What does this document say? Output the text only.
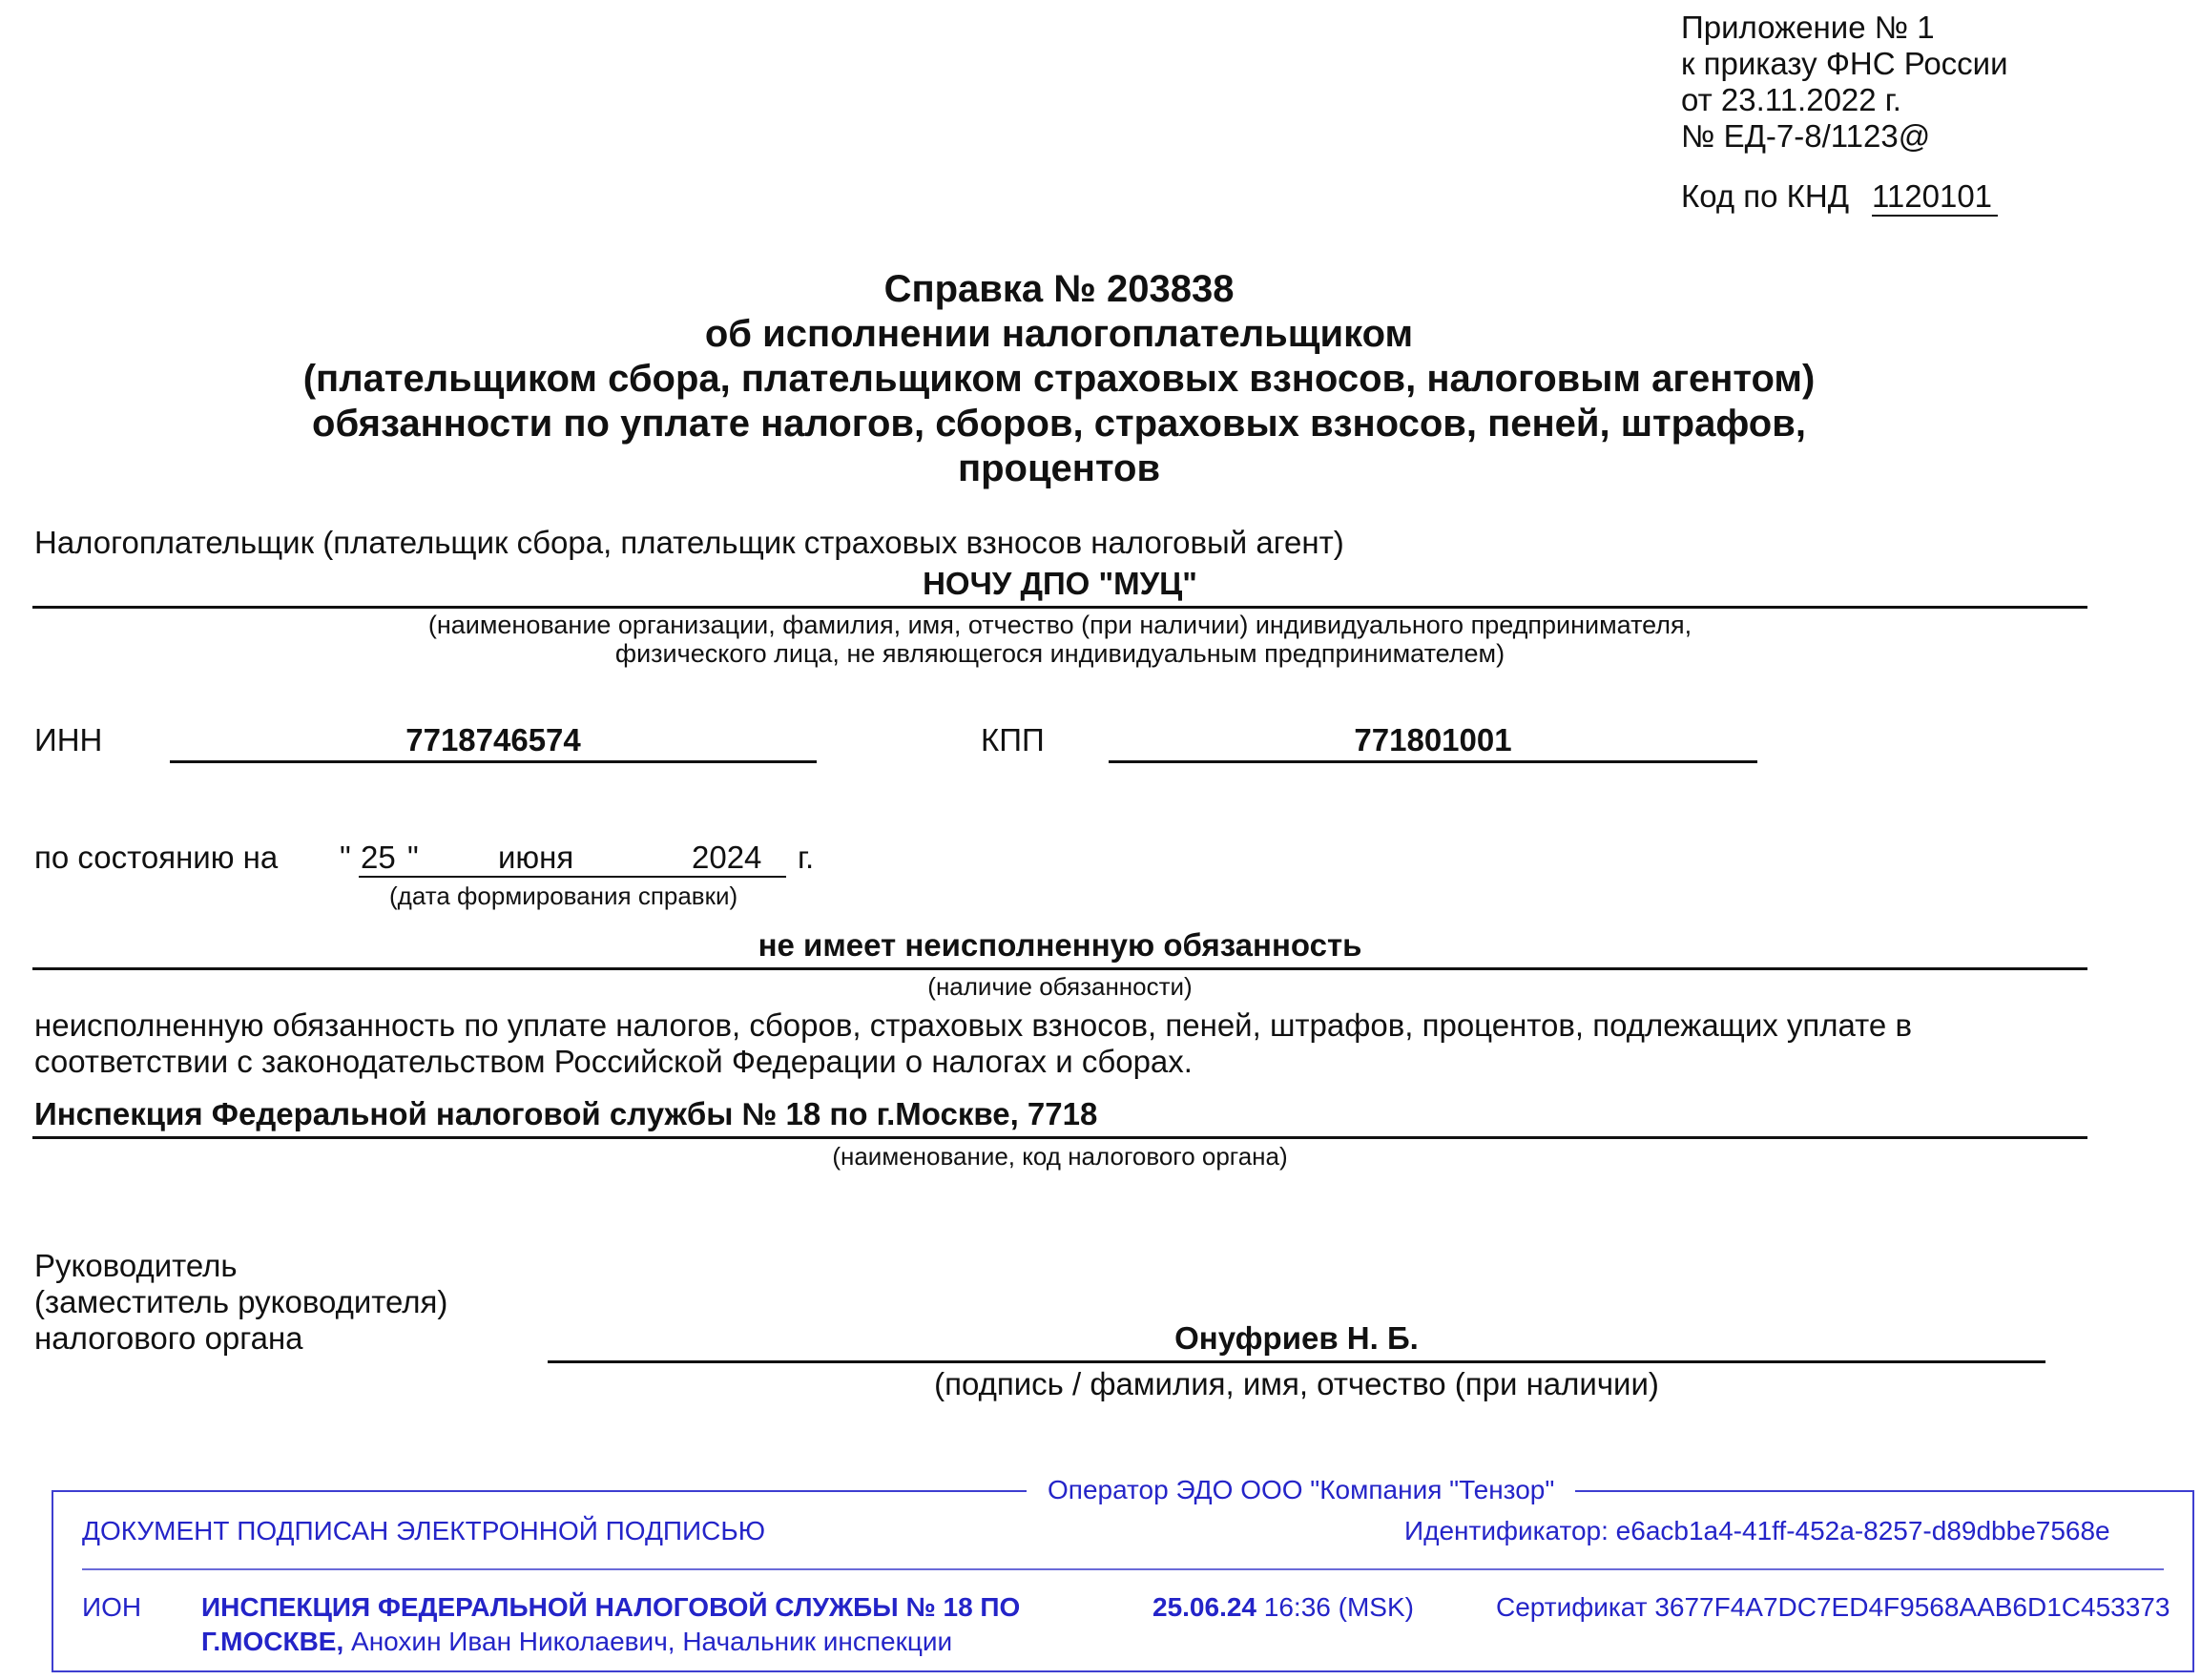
Приложение № 1
к приказу ФНС России
от 23.11.2022 г.
№ ЕД-7-8/1123@
Код по КНД 1120101
Справка № 203838
об исполнении налогоплательщиком
(плательщиком сбора, плательщиком страховых взносов, налоговым агентом)
обязанности по уплате налогов, сборов, страховых взносов, пеней, штрафов,
процентов
Налогоплательщик (плательщик сбора, плательщик страховых взносов налоговый агент)
НОЧУ ДПО "МУЦ"
(наименование организации, фамилия, имя, отчество (при наличии) индивидуального предпринимателя,
физического лица, не являющегося индивидуальным предпринимателем)
ИНН	7718746574	КПП	771801001
по состоянию на " 25 "	июня	2024 г.
(дата формирования справки)
не имеет неисполненную обязанность
(наличие обязанности)
неисполненную обязанность по уплате налогов, сборов, страховых взносов, пеней, штрафов, процентов, подлежащих уплате в
соответствии с законодательством Российской Федерации о налогах и сборах.
Инспекция Федеральной налоговой службы № 18 по г.Москве, 7718
(наименование, код налогового органа)
Руководитель
(заместитель руководителя)
налогового органа	Онуфриев Н. Б.
(подпись / фамилия, имя, отчество (при наличии)
Оператор ЭДО ООО "Компания "Тензор"
ДОКУМЕНТ ПОДПИСАН ЭЛЕКТРОННОЙ ПОДПИСЬЮ	Идентификатор: e6acb1a4-41ff-452a-8257-d89dbbe7568e
ИОН ИНСПЕКЦИЯ ФЕДЕРАЛЬНОЙ НАЛОГОВОЙ СЛУЖБЫ № 18 ПО
Г.МОСКВЕ, Анохин Иван Николаевич, Начальник инспекции
25.06.24 16:36 (MSK)	Сертификат 3677F4A7DC7ED4F9568AAB6D1C453373
